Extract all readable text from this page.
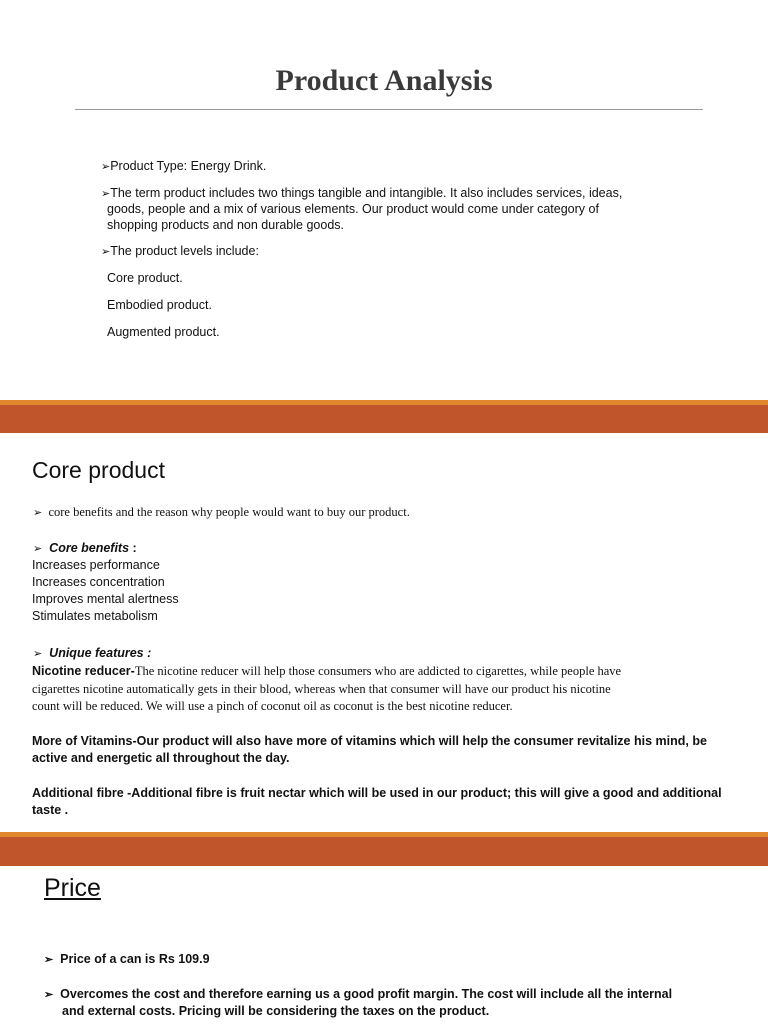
Product Analysis
➢Product Type: Energy Drink.
➢The term product includes two things tangible and intangible. It also includes services, ideas,
goods, people and a mix of various elements. Our product would come under category of
shopping products and non durable goods.
➢The product levels include:
Core product.
Embodied product.
Augmented product.
Core product
➢ core benefits and the reason why people would want to buy our product.
➢ Core benefits :
Increases performance
Increases concentration
Improves mental alertness
Stimulates metabolism
➢ Unique features :
Nicotine reducer-The nicotine reducer will help those consumers who are addicted to cigarettes, while people have
cigarettes nicotine automatically gets in their blood, whereas when that consumer will have our product his nicotine
count will be reduced. We will use a pinch of coconut oil as coconut is the best nicotine reducer.
More of Vitamins-Our product will also have more of vitamins which will help the consumer revitalize his mind, be
active and energetic all throughout the day.
Additional fibre -Additional fibre is fruit nectar which will be used in our product; this will give a good and additional
taste .
Price
➢ Price of a can is Rs 109.9
➢ Overcomes the cost and therefore earning us a good profit margin. The cost will include all the internal
and external costs. Pricing will be considering the taxes on the product.
